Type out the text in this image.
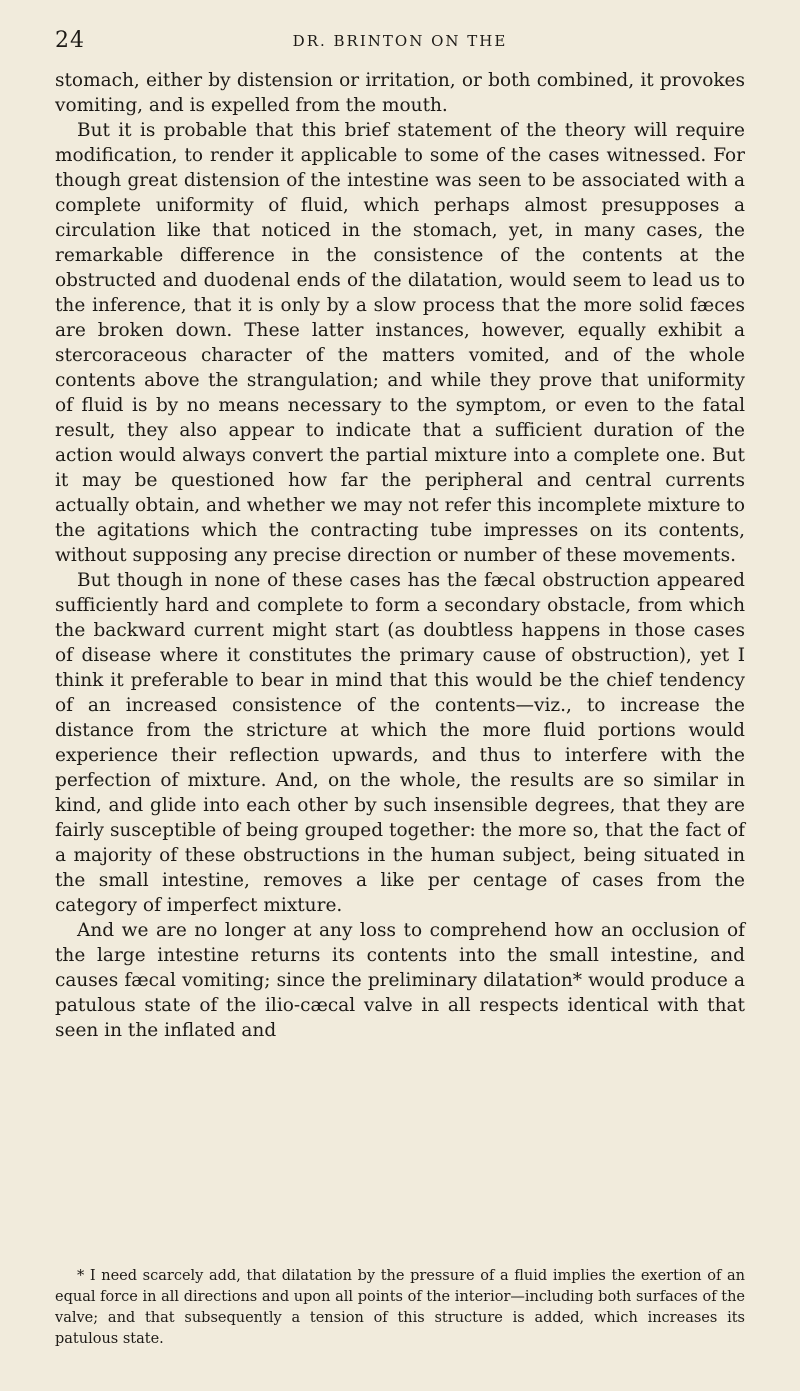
24	DR. BRINTON ON THE

stomach, either by distension or irritation, or both combined, it provokes vomiting, and is expelled from the mouth.

But it is probable that this brief statement of the theory will require modification, to render it applicable to some of the cases witnessed. For though great distension of the intestine was seen to be associated with a complete uniformity of fluid, which perhaps almost presupposes a circulation like that noticed in the stomach, yet, in many cases, the remarkable difference in the consistence of the contents at the obstructed and duodenal ends of the dilatation, would seem to lead us to the inference, that it is only by a slow process that the more solid fæces are broken down. These latter instances, however, equally exhibit a stercoraceous character of the matters vomited, and of the whole contents above the strangulation; and while they prove that uniformity of fluid is by no means necessary to the symptom, or even to the fatal result, they also appear to indicate that a sufficient duration of the action would always convert the partial mixture into a complete one. But it may be questioned how far the peripheral and central currents actually obtain, and whether we may not refer this incomplete mixture to the agitations which the contracting tube impresses on its contents, without supposing any precise direction or number of these movements.

But though in none of these cases has the fæcal obstruction appeared sufficiently hard and complete to form a secondary obstacle, from which the backward current might start (as doubtless happens in those cases of disease where it constitutes the primary cause of obstruction), yet I think it preferable to bear in mind that this would be the chief tendency of an increased consistence of the contents—viz., to increase the distance from the stricture at which the more fluid portions would experience their reflection upwards, and thus to interfere with the perfection of mixture. And, on the whole, the results are so similar in kind, and glide into each other by such insensible degrees, that they are fairly susceptible of being grouped together: the more so, that the fact of a majority of these obstructions in the human subject, being situated in the small intestine, removes a like per centage of cases from the category of imperfect mixture.

And we are no longer at any loss to comprehend how an occlusion of the large intestine returns its contents into the small intestine, and causes fæcal vomiting; since the preliminary dilatation* would produce a patulous state of the ilio-cæcal valve in all respects identical with that seen in the inflated and

* I need scarcely add, that dilatation by the pressure of a fluid implies the exertion of an equal force in all directions and upon all points of the interior—including both surfaces of the valve; and that subsequently a tension of this structure is added, which increases its patulous state.
